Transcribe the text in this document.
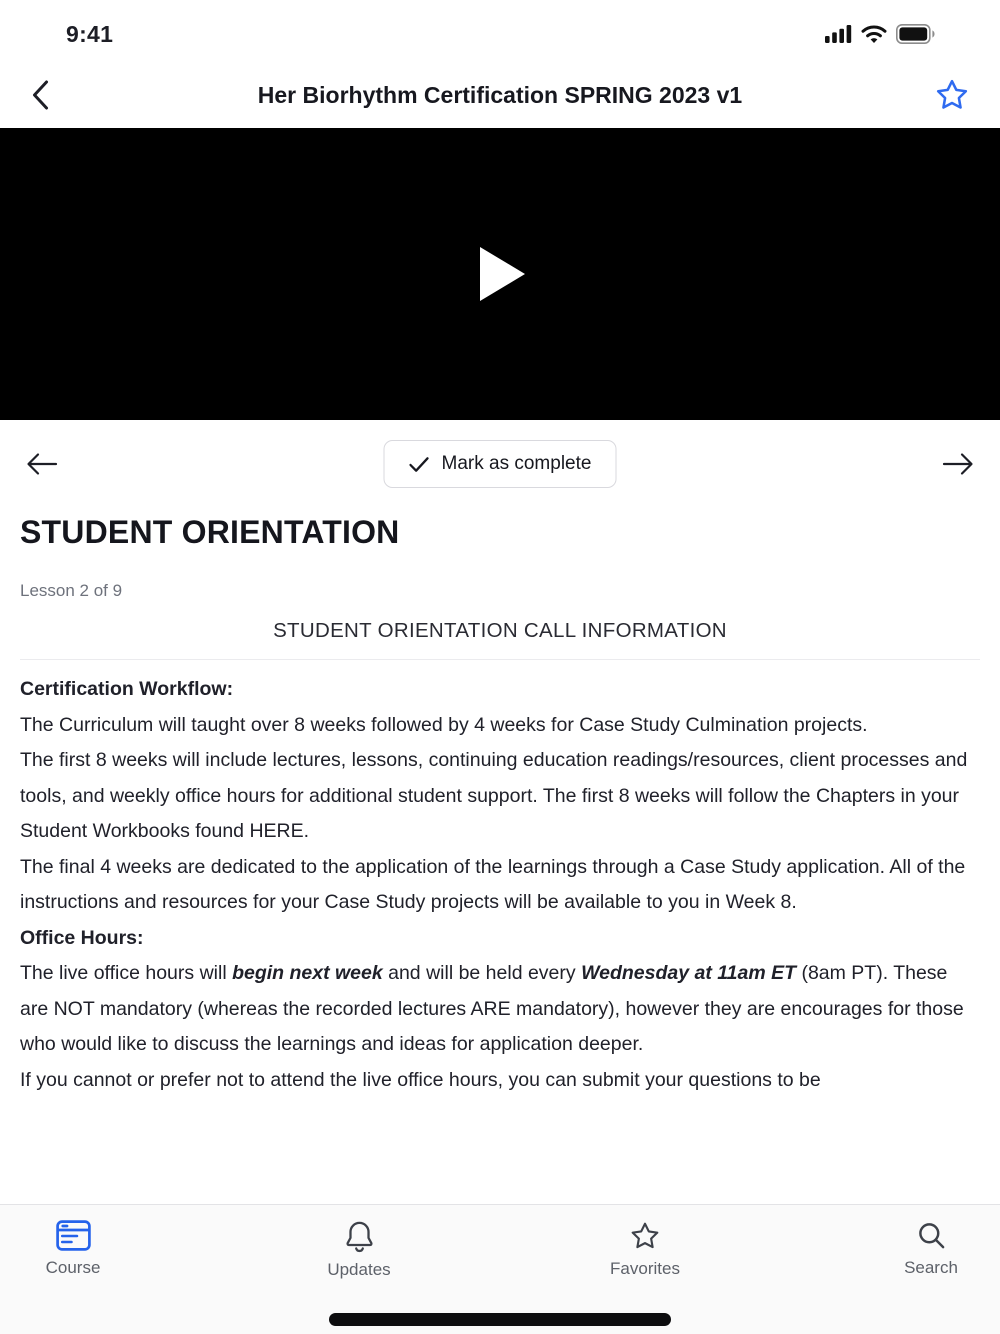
9:41
Her Biorhythm Certification SPRING 2023 v1
Mark as complete
STUDENT ORIENTATION

Lesson 2 of 9

STUDENT ORIENTATION CALL INFORMATION

Certification Workflow:

The Curriculum will taught over 8 weeks followed by 4 weeks for Case Study Culmination projects.

The first 8 weeks will include lectures, lessons, continuing education readings/resources, client processes and tools, and weekly office hours for additional student support. The first 8 weeks will follow the Chapters in your Student Workbooks found HERE.

The final 4 weeks are dedicated to the application of the learnings through a Case Study application. All of the instructions and resources for your Case Study projects will be available to you in Week 8.

Office Hours:

The live office hours will begin next week and will be held every Wednesday at 11am ET (8am PT). These are NOT mandatory (whereas the recorded lectures ARE mandatory), however they are encourages for those who would like to discuss the learnings and ideas for application deeper.

If you cannot or prefer not to attend the live office hours, you can submit your questions to be

Course	Updates	Favorites	Search
